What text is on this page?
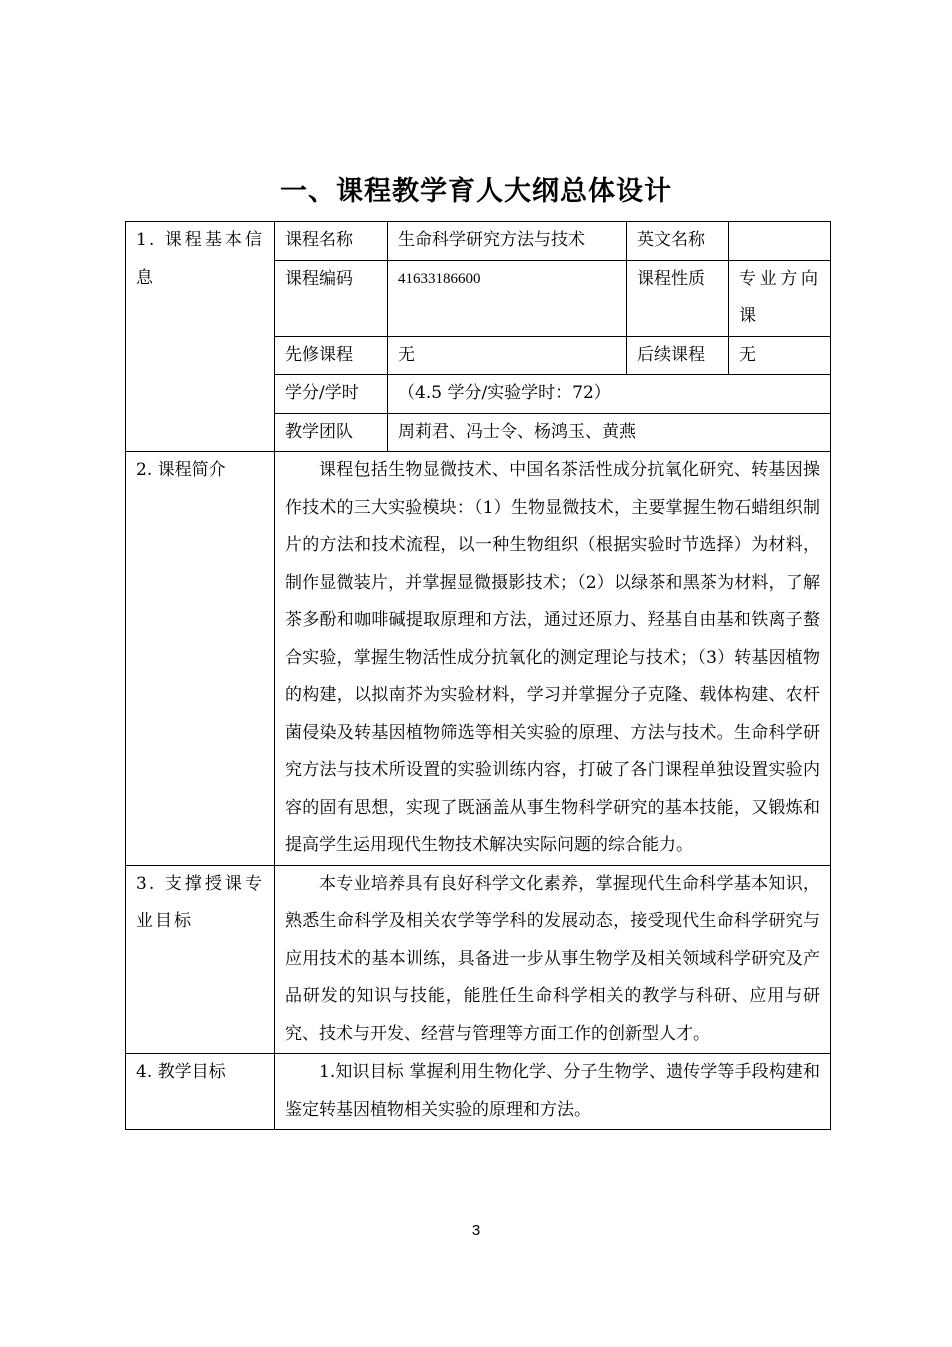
一、课程教学育人大纲总体设计
1. 课程基本信息	课程名称	生命科学研究方法与技术	英文名称	
	课程编码	41633186600	课程性质	专业方向课
	先修课程	无	后续课程	无
	学分/学时	（4.5 学分/实验学时：72）		
	教学团队	周莉君、冯士令、杨鸿玉、黄燕		
2. 课程简介	课程包括生物显微技术、中国名茶活性成分抗氧化研究、转基因操作技术的三大实验模块：（1）生物显微技术，主要掌握生物石蜡组织制片的方法和技术流程，以一种生物组织（根据实验时节选择）为材料，制作显微装片，并掌握显微摄影技术；（2）以绿茶和黑茶为材料，了解茶多酚和咖啡碱提取原理和方法，通过还原力、羟基自由基和铁离子螯合实验，掌握生物活性成分抗氧化的测定理论与技术；（3）转基因植物的构建，以拟南芥为实验材料，学习并掌握分子克隆、载体构建、农杆菌侵染及转基因植物筛选等相关实验的原理、方法与技术。生命科学研究方法与技术所设置的实验训练内容，打破了各门课程单独设置实验内容的固有思想，实现了既涵盖从事生物科学研究的基本技能，又锻炼和提高学生运用现代生物技术解决实际问题的综合能力。			

3. 支撑授课专业目标	本专业培养具有良好科学文化素养，掌握现代生命科学基本知识，熟悉生命科学及相关农学等学科的发展动态，接受现代生命科学研究与应用技术的基本训练，具备进一步从事生物学及相关领域科学研究及产品研发的知识与技能，能胜任生命科学相关的教学与科研、应用与研究、技术与开发、经营与管理等方面工作的创新型人才。			

4. 教学目标	1.知识目标 掌握利用生物化学、分子生物学、遗传学等手段构建和鉴定转基因植物相关实验的原理和方法。			
3
